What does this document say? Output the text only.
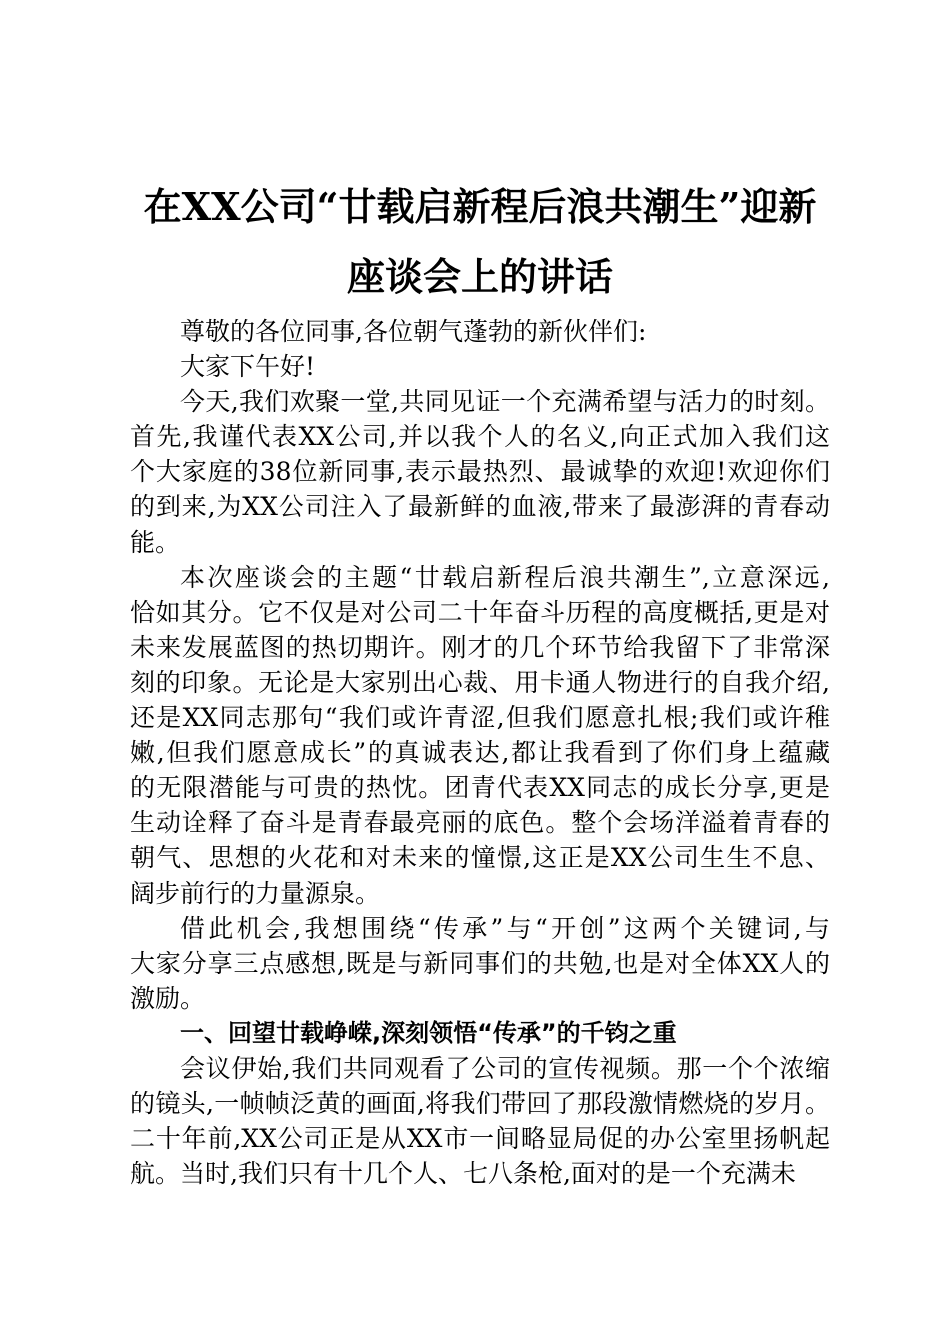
在XX公司“廿载启新程后浪共潮生”迎新
座谈会上的讲话
尊敬的各位同事,各位朝气蓬勃的新伙伴们:
大家下午好!
今天,我们欢聚一堂,共同见证一个充满希望与活力的时刻。
首先,我谨代表XX公司,并以我个人的名义,向正式加入我们这
个大家庭的38位新同事,表示最热烈、最诚挚的欢迎!欢迎你们
的到来,为XX公司注入了最新鲜的血液,带来了最澎湃的青春动
能。
本次座谈会的主题“廿载启新程后浪共潮生”,立意深远,
恰如其分。它不仅是对公司二十年奋斗历程的高度概括,更是对
未来发展蓝图的热切期许。刚才的几个环节给我留下了非常深
刻的印象。无论是大家别出心裁、用卡通人物进行的自我介绍,
还是XX同志那句“我们或许青涩,但我们愿意扎根;我们或许稚
嫩,但我们愿意成长”的真诚表达,都让我看到了你们身上蕴藏
的无限潜能与可贵的热忱。团青代表XX同志的成长分享,更是
生动诠释了奋斗是青春最亮丽的底色。整个会场洋溢着青春的
朝气、思想的火花和对未来的憧憬,这正是XX公司生生不息、
阔步前行的力量源泉。
借此机会,我想围绕“传承”与“开创”这两个关键词,与
大家分享三点感想,既是与新同事们的共勉,也是对全体XX人的
激励。
一、回望廿载峥嵘,深刻领悟“传承”的千钧之重
会议伊始,我们共同观看了公司的宣传视频。那一个个浓缩
的镜头,一帧帧泛黄的画面,将我们带回了那段激情燃烧的岁月。
二十年前,XX公司正是从XX市一间略显局促的办公室里扬帆起
航。当时,我们只有十几个人、七八条枪,面对的是一个充满未
